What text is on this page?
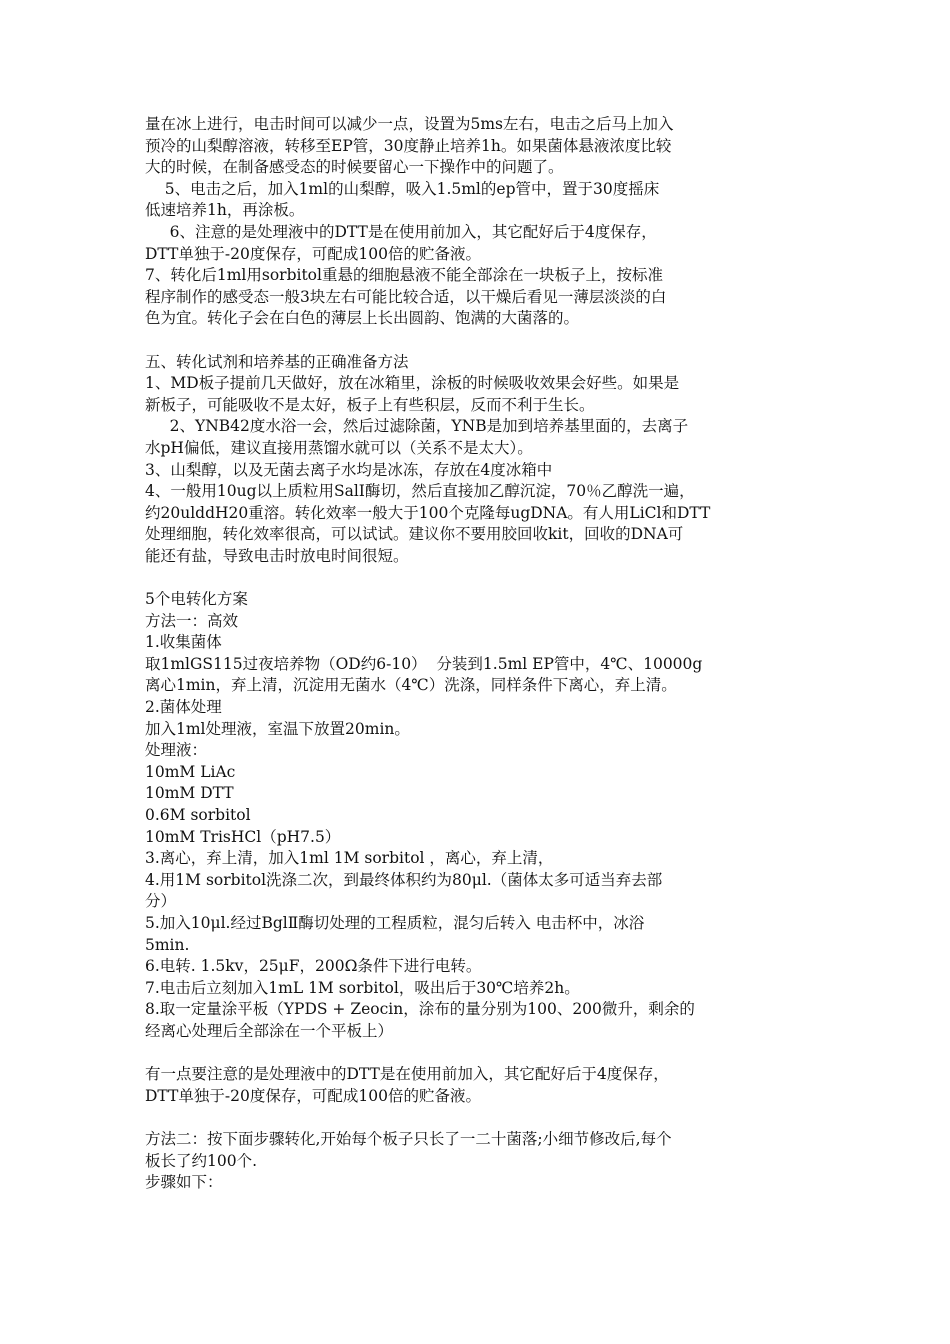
量在冰上进行，电击时间可以减少一点，设置为5ms左右，电击之后马上加入
预冷的山梨醇溶液，转移至EP管，30度静止培养1h。如果菌体悬液浓度比较
大的时候，在制备感受态的时候要留心一下操作中的问题了。
5、电击之后，加入1ml的山梨醇，吸入1.5ml的ep管中，置于30度摇床
低速培养1h，再涂板。
6、注意的是处理液中的DTT是在使用前加入，其它配好后于4度保存，
DTT单独于-20度保存，可配成100倍的贮备液。
7、转化后1ml用sorbitol重悬的细胞悬液不能全部涂在一块板子上，按标准
程序制作的感受态一般3块左右可能比较合适，以干燥后看见一薄层淡淡的白
色为宜。转化子会在白色的薄层上长出圆韵、饱满的大菌落的。
五、转化试剂和培养基的正确准备方法
1、MD板子提前几天做好，放在冰箱里，涂板的时候吸收效果会好些。如果是
新板子，可能吸收不是太好，板子上有些积层，反而不利于生长。
2、YNB42度水浴一会，然后过滤除菌，YNB是加到培养基里面的，去离子
水pH偏低，建议直接用蒸馏水就可以（关系不是太大）。
3、山梨醇，以及无菌去离子水均是冰冻，存放在4度冰箱中
4、一般用10ug以上质粒用SalI酶切，然后直接加乙醇沉淀，70％乙醇洗一遍，
约20ulddH20重溶。转化效率一般大于100个克隆每ugDNA。有人用LiCl和DTT
处理细胞，转化效率很高，可以试试。建议你不要用胶回收kit，回收的DNA可
能还有盐，导致电击时放电时间很短。
5个电转化方案
方法一：高效
1.收集菌体
取1mlGS115过夜培养物（OD约6-10）  分装到1.5ml EP管中，4℃、10000g
离心1min，弃上清，沉淀用无菌水（4℃）洗涤，同样条件下离心，弃上清。
2.菌体处理
加入1ml处理液，室温下放置20min。
处理液：
10mM LiAc
10mM DTT
0.6M sorbitol
10mM TrisHCl（pH7.5）
3.离心，弃上清，加入1ml 1M sorbitol ，离心，弃上清，
4.用1M sorbitol洗涤二次，到最终体积约为80μl.（菌体太多可适当弃去部
分）
5.加入10μl.经过BglⅡ酶切处理的工程质粒，混匀后转入 电击杯中，冰浴
5min.
6.电转. 1.5kv，25μF，200Ω条件下进行电转。
7.电击后立刻加入1mL 1M sorbitol，吸出后于30℃培养2h。
8.取一定量涂平板（YPDS + Zeocin，涂布的量分别为100、200微升，剩余的
经离心处理后全部涂在一个平板上）
有一点要注意的是处理液中的DTT是在使用前加入，其它配好后于4度保存，
DTT单独于-20度保存，可配成100倍的贮备液。
方法二：按下面步骤转化,开始每个板子只长了一二十菌落;小细节修改后,每个
板长了约100个.
步骤如下：
